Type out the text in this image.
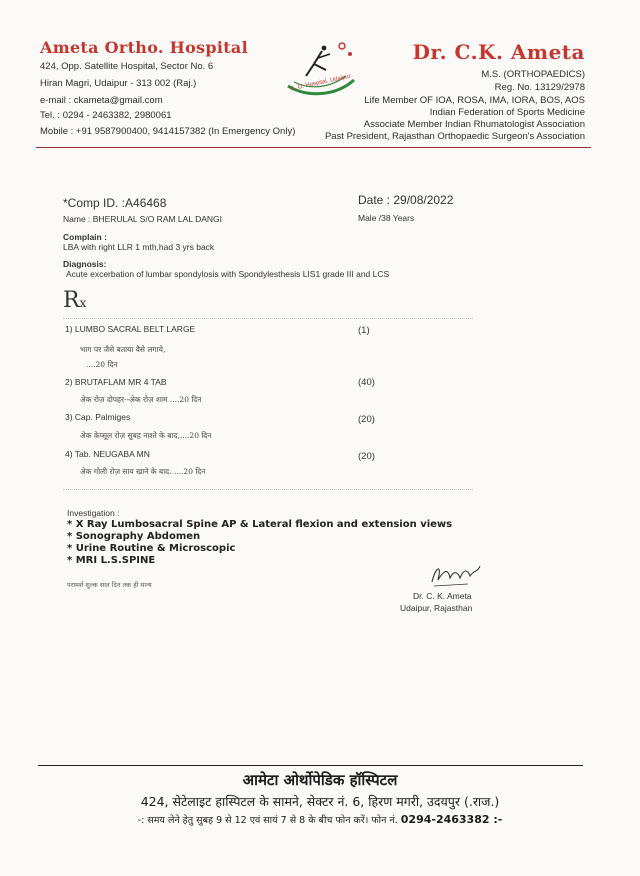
Ameta Ortho. Hospital
424, Opp. Satellite Hospital, Sector No. 6
Hiran Magri, Udaipur - 313 002 (Raj.)
e-mail : ckameta@gmail.com
Tel. : 0294 - 2463382, 2980061
Mobile : +91 9587900400, 9414157382 (In Emergency Only)
A. O. Hospital, Udaipur
Dr. C.K. Ameta
M.S. (ORTHOPAEDICS)
Reg. No. 13129/2978
Life Member OF IOA, ROSA, IMA, IORA, BOS, AOS
Indian Federation of Sports Medicine
Associate Member Indian Rhumatologist Association
Past President, Rajasthan Orthopaedic Surgeon's Association
*Comp ID. :A46468	Date : 29/08/2022
Name : BHERULAL S/O RAM LAL DANGI	Male /38 Years
Complain :
LBA with right LLR 1 mth,had 3 yrs back
Diagnosis:
Acute excerbation of lumbar spondylosis with Spondylesthesis LIS1 grade III and LCS
Rx
1) LUMBO SACRAL BELT LARGE	(1)
भाग पर जैसे बताया वैसे लगाये,
....20 दिन
2) BRUTAFLAM MR 4 TAB	(40)
अेक रोज़ दोपहर--अेक रोज़ शाम ....20 दिन
3) Cap. Palmiges	(20)
अेक केप्सूल रोज़ सुबह नाश्ते के बाद,....20 दिन
4) Tab. NEUGABA MN	(20)
अेक गोली रोज़ साय खाने के बाद. ....20 दिन
Investigation :
* X Ray Lumbosacral Spine AP & Lateral flexion and extension views
* Sonography Abdomen
* Urine Routine & Microscopic
* MRI L.S.SPINE
परामर्श शुल्क सात दिन तक ही मान्य
Dr. C. K. Ameta
Udaipur, Rajasthan
आमेटा ओर्थोपेडिक हॉस्पिटल
424, सेटेलाइट हास्पिटल के सामने, सेक्टर नं. 6, हिरण मगरी, उदयपुर (.राज.)
-: समय लेने हेतु सुबह 9 से 12 एवं सायं 7 से 8 के बीच फोन करें। फोन नं. 0294-2463382 :-
